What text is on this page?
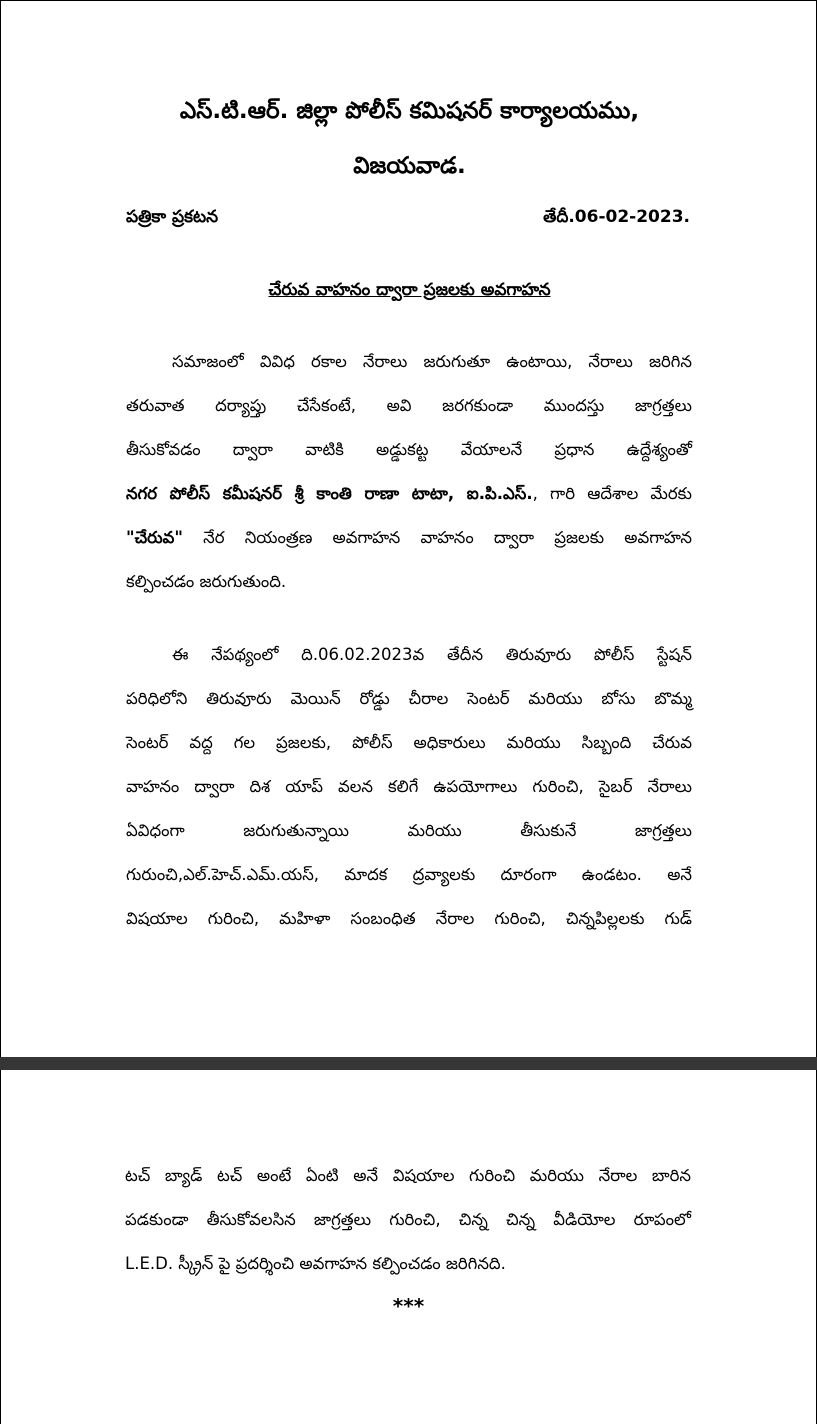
ఎస్.టి.ఆర్. జిల్లా పోలీస్ కమిషనర్ కార్యాలయము,
విజయవాడ.
పత్రికా ప్రకటన	తేదీ.06-02-2023.
చేరువ వాహనం ద్వారా ప్రజలకు అవగాహన
సమాజంలో వివిధ రకాల నేరాలు జరుగుతూ ఉంటాయి, నేరాలు జరిగిన
తరువాత దర్యాప్తు చేసేకంటే, అవి జరగకుండా ముందస్తు జాగ్రత్తలు
తీసుకోవడం ద్వారా వాటికి అడ్డుకట్ట వేయాలనే ప్రధాన ఉద్దేశ్యంతో
నగర పోలీస్ కమీషనర్ శ్రీ కాంతి రాణా టాటా, ఐ.పి.ఎస్., గారి ఆదేశాల మేరకు
"చేరువ" నేర నియంత్రణ అవగాహన వాహనం ద్వారా ప్రజలకు అవగాహన
కల్పించడం జరుగుతుంది.
ఈ నేపథ్యంలో ది.06.02.2023వ తేదీన తిరువూరు పోలీస్ స్టేషన్
పరిధిలోని తిరువూరు మెయిన్ రోడ్డు చీరాల సెంటర్ మరియు బోసు బొమ్మ
సెంటర్ వద్ద గల ప్రజలకు, పోలీస్ అధికారులు మరియు సిబ్బంది చేరువ
వాహనం ద్వారా దిశ యాప్ వలన కలిగే ఉపయోగాలు గురించి, సైబర్ నేరాలు
ఏవిధంగా జరుగుతున్నాయి మరియు తీసుకునే జాగ్రత్తలు
గురుంచి,ఎల్.హెచ్.ఎమ్.యస్, మాదక ద్రవ్యాలకు దూరంగా ఉండటం. అనే
విషయాల గురించి, మహిళా సంబంధిత నేరాల గురించి, చిన్నపిల్లలకు గుడ్
టచ్ బ్యాడ్ టచ్ అంటే ఏంటి అనే విషయాల గురించి మరియు నేరాల బారిన
పడకుండా తీసుకోవలసిన జాగ్రత్తలు గురించి, చిన్న చిన్న వీడియోల రూపంలో
L.E.D. స్క్రీన్ పై ప్రదర్శించి అవగాహన కల్పించడం జరిగినది.
***
